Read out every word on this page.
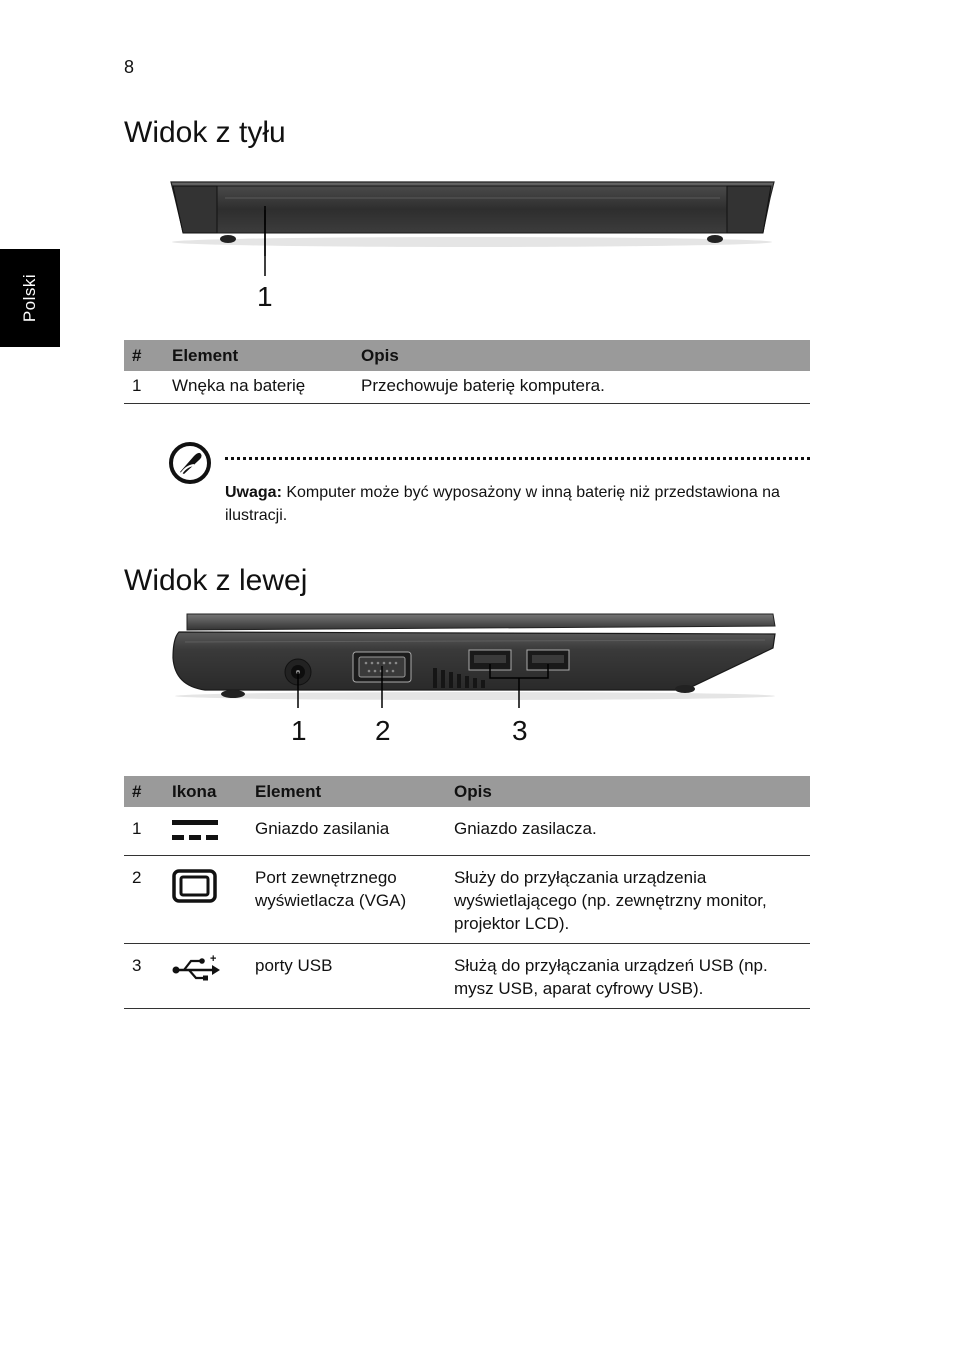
8
Polski
Widok z tyłu
1
#	Element	Opis
1	Wnęka na baterię	Przechowuje baterię komputera.
Uwaga: Komputer może być wyposażony w inną baterię niż przedstawiona na ilustracji.
Widok z lewej
1 2	3
#	Ikona	Element	Opis
1		Gniazdo zasilania	Gniazdo zasilacza.
2		Port zewnętrznego wyświetlacza (VGA)	Służy do przyłączania urządzenia wyświetlającego (np. zewnętrzny monitor, projektor LCD).
3	+	porty USB	Służą do przyłączania urządzeń USB (np. mysz USB, aparat cyfrowy USB).
